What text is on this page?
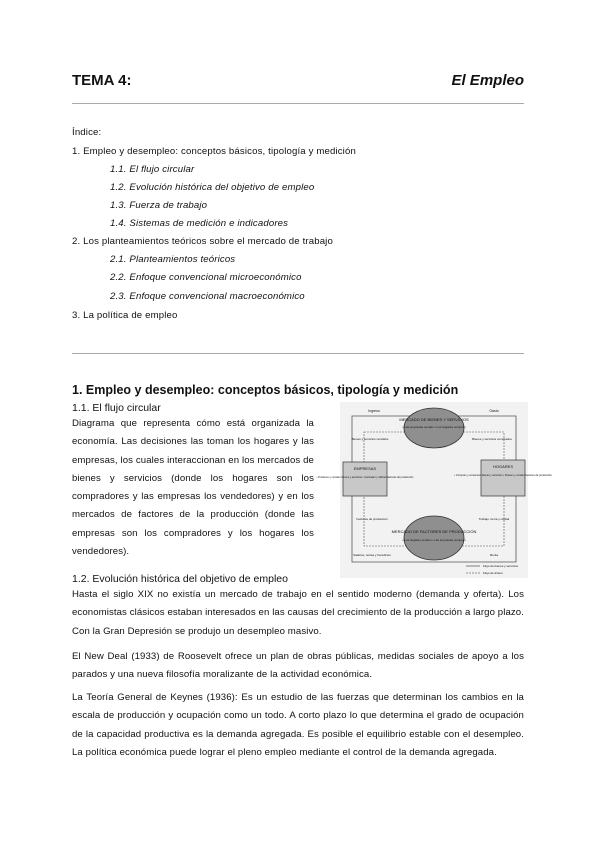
TEMA 4:	El Empleo
Índice:
1. Empleo y desempleo: conceptos básicos, tipología y medición
1.1. El flujo circular
1.2. Evolución histórica del objetivo de empleo
1.3. Fuerza de trabajo
1.4. Sistemas de medición e indicadores
2. Los planteamientos teóricos sobre el mercado de trabajo
2.1. Planteamientos teóricos
2.2. Enfoque convencional microeconómico
2.3. Enfoque convencional macroeconómico
3. La política de empleo
1. Empleo y desempleo: conceptos básicos, tipología y medición
1.1. El flujo circular
Diagrama que representa cómo está organizada la economía. Las decisiones las toman los hogares y las empresas, los cuales interaccionan en los mercados de bienes y servicios (donde los hogares son los compradores y las empresas los vendedores) y en los mercados de factores de la producción (donde las empresas son los compradores y los hogares los vendedores).
MERCADO DE BIENES Y SERVICIOS
• Las empresas venden • Los hogares compran
MERCADO DE FACTORES DE PRODUCCIÓN
• Los hogares venden • Las empresas compran
EMPRESAS
• Producen y venden bienes y servicios • Contratan y utilizan factores de producción
HOGARES
• Compran y consumen bienes y servicios • Poseen y venden factores de producción
Ingreso	Gasto
Bienes y servicios vendidos	Bienes y servicios comprados
Factores de producción	Trabajo, tierra y capital
Salarios, rentas y beneficios	Renta
Flujo de bienes y servicios
Flujo de dinero
1.2. Evolución histórica del objetivo de empleo
Hasta el siglo XIX no existía un mercado de trabajo en el sentido moderno (demanda y oferta). Los economistas clásicos estaban interesados en las causas del crecimiento de la producción a largo plazo. Con la Gran Depresión se produjo un desempleo masivo.
El New Deal (1933) de Roosevelt ofrece un plan de obras públicas, medidas sociales de apoyo a los parados y una nueva filosofía moralizante de la actividad económica.
La Teoría General de Keynes (1936): Es un estudio de las fuerzas que determinan los cambios en la escala de producción y ocupación como un todo. A corto plazo lo que determina el grado de ocupación de la capacidad productiva es la demanda agregada. Es posible el equilibrio estable con el desempleo. La política económica puede lograr el pleno empleo mediante el control de la demanda agregada.
